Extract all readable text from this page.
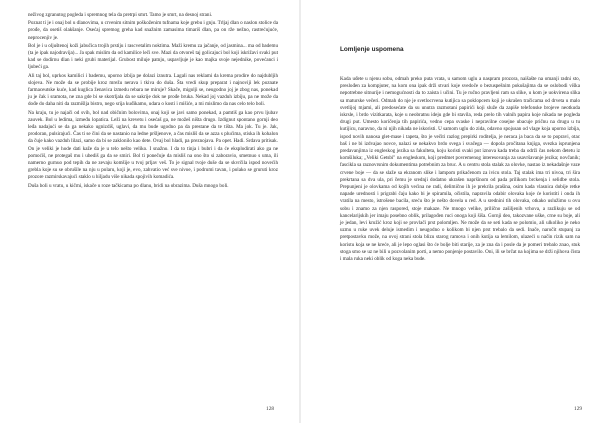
neživog zgranutog pogleda i spremnog tela da pretrpi smrt. Tamo je smrt, na desnoj strani.

Poznat ti je i onaj bol u dlanovima, u crvenim sitnim poškoženim tufnama koje grebu i gnju. Trljaj dlan o naslon stolice da prođe, da osetiš olakšanje. Osećaj spremog greha kad snažnim zamasima timariš dlan, pa on rže nežno, rastrećujuće, neprocenjiv je.

Bol je i u oljuštenoj koži jabučica trojih prstiju i rascvetalim noktima. Maži kremu za jačanje, od jasmina... ma od bademu (ta je ipak najodravija)... Ja spak mislim da od kamilice leči sve. Mazi da otvoreš taj golicajuci bol koji iskrižavi svaki put kad se dodirnu dlan i neki grubi materijal. Grubost miluje patnju, uspavljuje je kao majka svoje nejednike, povećanci i ljubeći ga.

Ali taj bol, uprkos kamilici i bademu, uporno izbija pe dolazi iznutra. Lagali nas reklami da krema prodire do najdubljih slojeva. Ne može da se probije kroz mrežu nerava i tkiva do duša. Šta vredi skup preparat i najnoviji lek poznate farmaceutske kuće, kad kuglica ženavica izmedu rebara ne miruje? Skače, migolji se, neugodno joj je zbog nas, ponekad ju je čak i sramota, ne zna gde bi se skotrljala da se sakrije dok ne prođe bruka. Nekad joj vazduh izbiju, pa ne može da dođe do daha niti da razmišlja bistro, nego srija kuđikamo, udara o kosti i mišiće, a mi mislimo da nas celo telo boli.

Na kraju, tu je najači od svih, bol nad običnim bolovima, onaj koji se javi samo ponekad, a pamtiš ga kao prvu ljubav zauvek. Bol u ledima, između lopatica. Leži na krevetu i osećaš ga, ne možeš ništa drugo. Izdignut spontano gornji deo leđa nadajući se da ga nekako ugnizdiš, uglavi, da mu bude ugodno pa da prestane da te tišta. Ma jok. Tu je. Jak, prodoran, pulsirajući. Čas ti se čini da se nastanio na ledne pršljenove, a čas misliš da se azza s plućima, stiska ih kohalon da čuje kako vazduh lilazi, samo da bi se zaklonilo kao dete. Ovaj bol hladi, pa preznojava. Pa opet. Hadi. Srdava pritisak. On je veliki je hode dati kaže da je u telo nešto veliko. I snažno. I da to tinja i bubri i da će eksplodirati ako ga ne pomoćiš, ne protegaš mu i ubediš ga da se smiri. Bol ti ponečuje da misliš na ono što si zaboravio, smetnuo s uma, ili namerno gurnuo pod tepih da ne zevaju komšije u tvoj prljav veš. To je signal tvoje duše da se skvrčila ispod novećih grebla koje su se obrušile na nju u polaru, koji je, evo, zahvatio već sve nivoe, i podrumi tavan, i polako se gruruti kroz prozore razmirskavajući staklo u hiljadu više nikada spojivih komadića.

Duša boli u vratu, u kičmi, iskače u roze tačkicama po dlanu, bridi na obrazima. Duša mnogo boli.

128
Lomljenje uspomena

Kada uđete u njenu sobu, odmah preko puta vrata, u samom uglu a naspram prozora, naišašte na omanji radni sto, preslođen za kompjuter, na kom ona ipak drži stvari koje svedoče o bezuspešnim pokušajima da se oslobodi viška nepotrebne sitnurije i nemogućnosti da to zaista i učini. Tu je ručno pravljeni ram sa slike, u kom je uokvirena slika sa maturske večeri. Odmah do nje je svetlocrvena kutijica sa poklopcem koji je ukrašen tračicama od drveta u malo svetlijoj mjami, ali predosećate da su unutra razmotani papirići koji služe da zapiše telefonske brojeve neotkuda iskrsle, i brdo vizitkarata, koje u neobratnu ideju gde bi stavila, reda prelo tih valnih papira koje nikada ne pogleda drugi put. Umesto koričenja tih papirića, vedno cepa svaske i nepravilne cosejne ubacuje pričnu na drugu u tu kutijicu, naravno, da ni njih nikada ne iskoristi. U samom uglu do zida, odavno spojusan od vlage koja uporno izbija, ispod novih nanosa glet-mase i tapeta, što je večiti razlog prepirki roditelja, je neraca ja baca da se to popravi, otac baš i ne bi izdvajao novce, nalazi se nekakvo brdo svega i svačega — dopola pročitana knjiga, svezka isprunjena predavanjima iz engleskog jezika sa fakulteta, koju koristi svaki put iznova kada treba da održi čas nekom đetetu iz komšiluka; „Veliki Getsbi" na engleskom, koji predmet povremenog interesovanja za usavršavanje jezika; novčanik; fascikla sa raznovrsnim dokumentima potrebnim za bruc. A u centru stola stalak za olovke, nastao iz nekadašnje vaze crvene boje — da se slaže sa ekranom slike i lampom prikačenom za ivicu stola. Taj stalak ima tri nivoa, tri šira prekrtana sa dva ula, pri čemu je srednji dodatno ukrašen napršinom od pada prilikom brckenja i selidbe stola. Prepunjeni je olovkama od kojih većina ne radi, delimično ih je prekrila prašina, osim kada vlasnica dobije retke napade urednosti i prigrabi čaju kako bi je spiramila, očistila, napravila odabir olovaka koje će koristiti i onda ih vratila na mesto, istrošene bacila, sreću što je nešto dovela u red. A u srednini tih olovaka, otkako uslužimo u ovu sobu i znamo za njen raspored, stoje makaze. Ne mnogo velike, prilično zašiljenih vrhova, a razlikuju se od kancelarijskih jer imaju posebno oblik, prilagođen ruci onoga koji šiša. Gornji deo, takozvane uške, crne su boje, ali je jedan, levi kružić kroz koji se provlači prst polomljen. Ne može da se seti kada se polomio, ali ulkoliko je neko uzmu u ruke uvek deluje ismedim i neugodno o kolikom bi njen prst trebalo da sedi. Inače, naročit stupanj za pretpostavku može, na ovoj strani stola blizu starog ramova i onih kutija sa lemilom, ulazeći u način rizik sam na koristu koja se ne kreće, ali je lepo oglasi što će bolje biti starije, za je zna da i posle da je pomeri trebalo znao, stuk stoga smo se uz ne bili u pozvolanim porti, a nemo ponjenje postavilo. Oni, ili se brčat na kojima se drži njihova čista i mala ruka neki oblik od koga neka bude.

129
